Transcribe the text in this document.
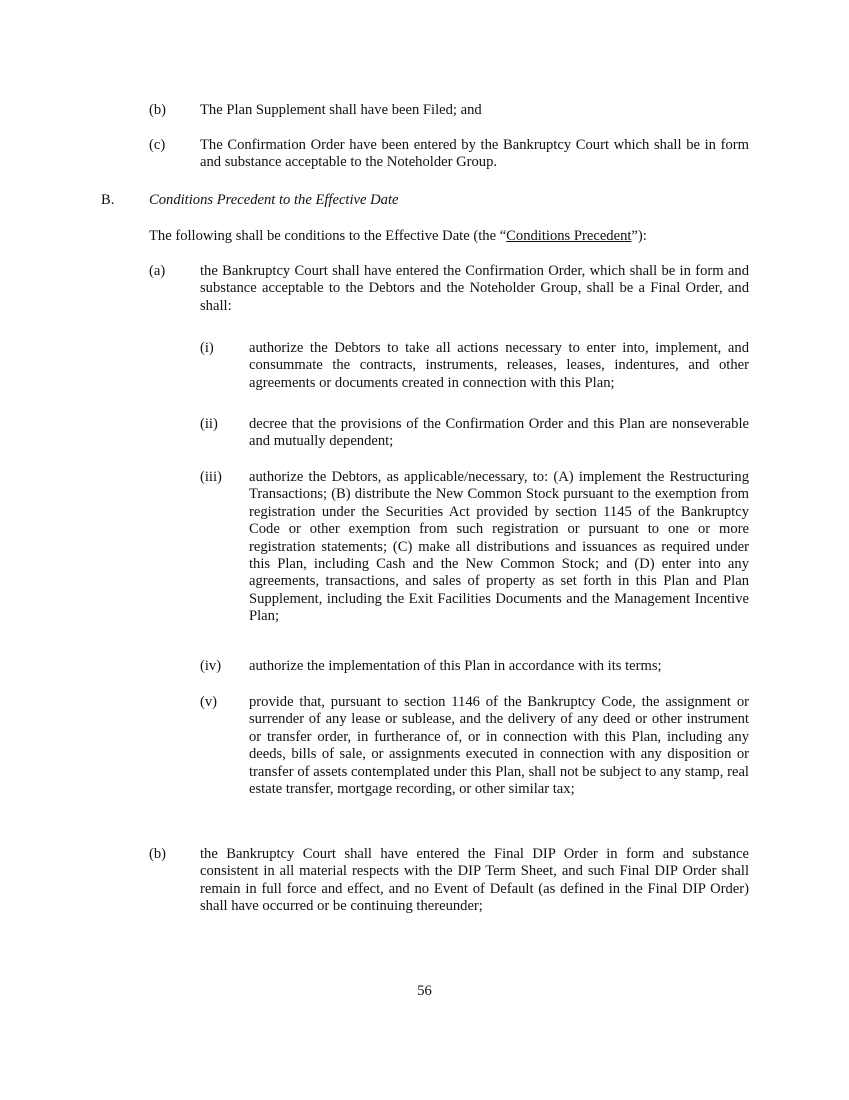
(b)	The Plan Supplement shall have been Filed; and
(c)	The Confirmation Order have been entered by the Bankruptcy Court which shall be in form and substance acceptable to the Noteholder Group.
B.	Conditions Precedent to the Effective Date
The following shall be conditions to the Effective Date (the “Conditions Precedent”):
(a)	the Bankruptcy Court shall have entered the Confirmation Order, which shall be in form and substance acceptable to the Debtors and the Noteholder Group, shall be a Final Order, and shall:
(i)	authorize the Debtors to take all actions necessary to enter into, implement, and consummate the contracts, instruments, releases, leases, indentures, and other agreements or documents created in connection with this Plan;
(ii)	decree that the provisions of the Confirmation Order and this Plan are nonseverable and mutually dependent;
(iii)	authorize the Debtors, as applicable/necessary, to: (A) implement the Restructuring Transactions; (B) distribute the New Common Stock pursuant to the exemption from registration under the Securities Act provided by section 1145 of the Bankruptcy Code or other exemption from such registration or pursuant to one or more registration statements; (C) make all distributions and issuances as required under this Plan, including Cash and the New Common Stock; and (D) enter into any agreements, transactions, and sales of property as set forth in this Plan and Plan Supplement, including the Exit Facilities Documents and the Management Incentive Plan;
(iv)	authorize the implementation of this Plan in accordance with its terms;
(v)	provide that, pursuant to section 1146 of the Bankruptcy Code, the assignment or surrender of any lease or sublease, and the delivery of any deed or other instrument or transfer order, in furtherance of, or in connection with this Plan, including any deeds, bills of sale, or assignments executed in connection with any disposition or transfer of assets contemplated under this Plan, shall not be subject to any stamp, real estate transfer, mortgage recording, or other similar tax;
(b)	the Bankruptcy Court shall have entered the Final DIP Order in form and substance consistent in all material respects with the DIP Term Sheet, and such Final DIP Order shall remain in full force and effect, and no Event of Default (as defined in the Final DIP Order) shall have occurred or be continuing thereunder;
56
